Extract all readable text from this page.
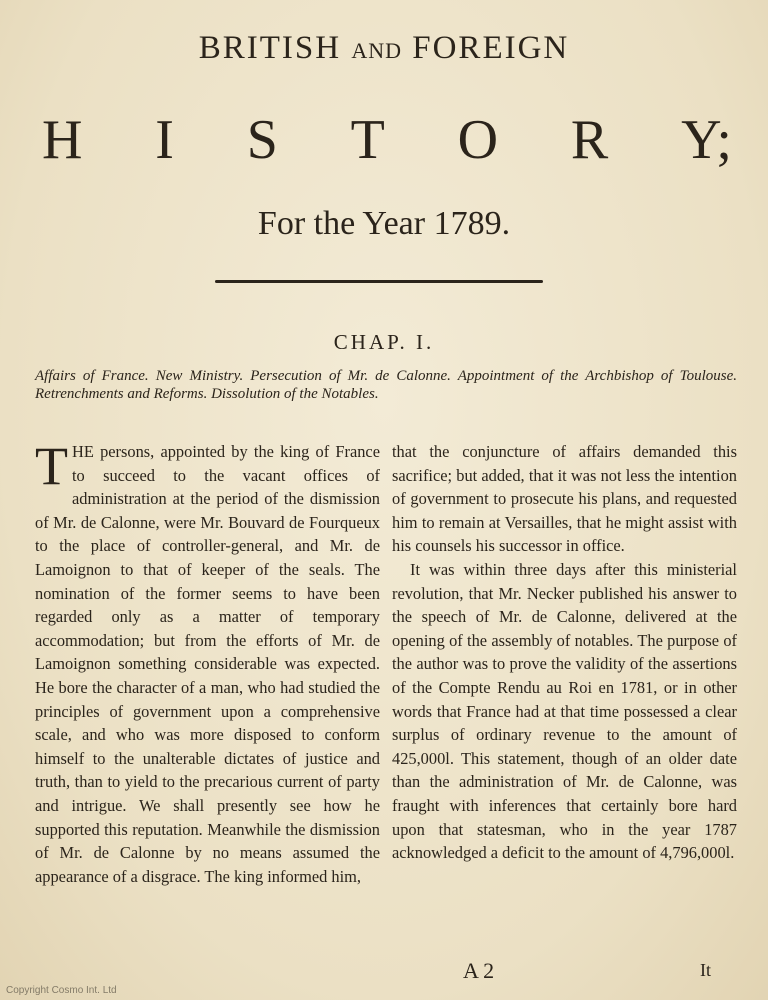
BRITISH AND FOREIGN
H I S T O R Y;
For the Year 1789.
CHAP. I.
Affairs of France. New Ministry. Persecution of Mr. de Calonne. Appointment of the Archbishop of Toulouse. Retrenchments and Reforms. Dissolution of the Notables.

THE persons, appointed by the king of France to succeed to the vacant offices of administration at the period of the dismission of Mr. de Calonne, were Mr. Bouvard de Fourqueux to the place of controller-general, and Mr. de Lamoignon to that of keeper of the seals. The nomination of the former seems to have been regarded only as a matter of temporary accommodation; but from the efforts of Mr. de Lamoignon something considerable was expected. He bore the character of a man, who had studied the principles of government upon a comprehensive scale, and who was more disposed to conform himself to the unalterable dictates of justice and truth, than to yield to the precarious current of party and intrigue. We shall presently see how he supported this reputation. Meanwhile the dismission of Mr. de Calonne by no means assumed the appearance of a disgrace. The king informed him,

that the conjuncture of affairs demanded this sacrifice; but added, that it was not less the intention of government to prosecute his plans, and requested him to remain at Versailles, that he might assist with his counsels his successor in office.

It was within three days after this ministerial revolution, that Mr. Necker published his answer to the speech of Mr. de Calonne, delivered at the opening of the assembly of notables. The purpose of the author was to prove the validity of the assertions of the Compte Rendu au Roi en 1781, or in other words that France had at that time possessed a clear surplus of ordinary revenue to the amount of 425,000l. This statement, though of an older date than the administration of Mr. de Calonne, was fraught with inferences that certainly bore hard upon that statesman, who in the year 1787 acknowledged a deficit to the amount of 4,796,000l.

A 2	It
Copyright Cosmo Int. Ltd
